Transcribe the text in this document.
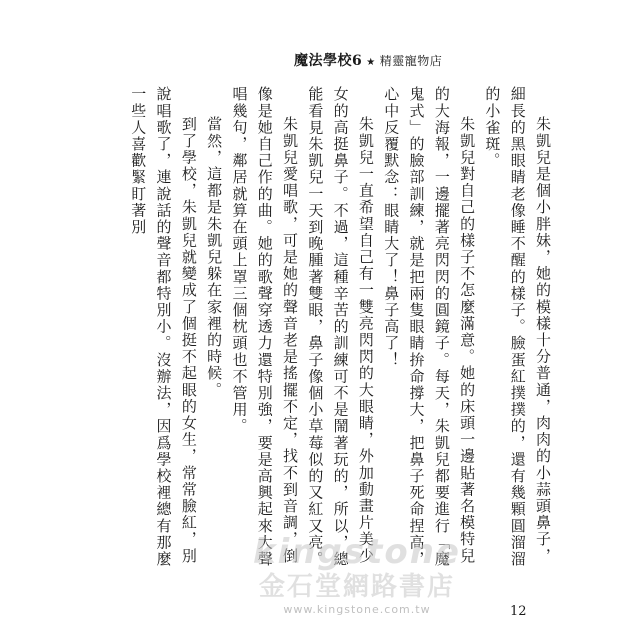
魔法學校6 ★ 精靈寵物店

朱凱兒是個小胖妹，她的模樣十分普通，肉肉的小蒜頭鼻子，細長的黑眼睛老像睡不醒的樣子。臉蛋紅撲撲的，還有幾顆圓溜溜的小雀斑。

朱凱兒對自己的樣子不怎麼滿意。她的床頭一邊貼著名模特兒的大海報，一邊擺著亮閃閃的圓鏡子。每天，朱凱兒都要進行「魔鬼式」的臉部訓練，就是把兩隻眼睛拚命撐大，把鼻子死命捏高，心中反覆默念：眼睛大了！鼻子高了！

朱凱兒一直希望自己有一雙亮閃閃的大眼睛，外加動畫片美少女的高挺鼻子。不過，這種辛苦的訓練可不是鬧著玩的，所以，總能看見朱凱兒一天到晚腫著雙眼，鼻子像個小草莓似的又紅又亮。

朱凱兒愛唱歌，可是她的聲音老是搖擺不定，找不到音調，倒像是她自己作的曲。她的歌聲穿透力還特別強，要是高興起來大聲唱幾句，鄰居就算在頭上罩三個枕頭也不管用。

當然，這都是朱凱兒躲在家裡的時候。

到了學校，朱凱兒就變成了個挺不起眼的女生，常常臉紅，別說唱歌了，連說話的聲音都特別小。沒辦法，因爲學校裡總有那麼一些人喜歡緊盯著別

kingstone
金石堂網路書店
www.kingstone.com.tw	12
